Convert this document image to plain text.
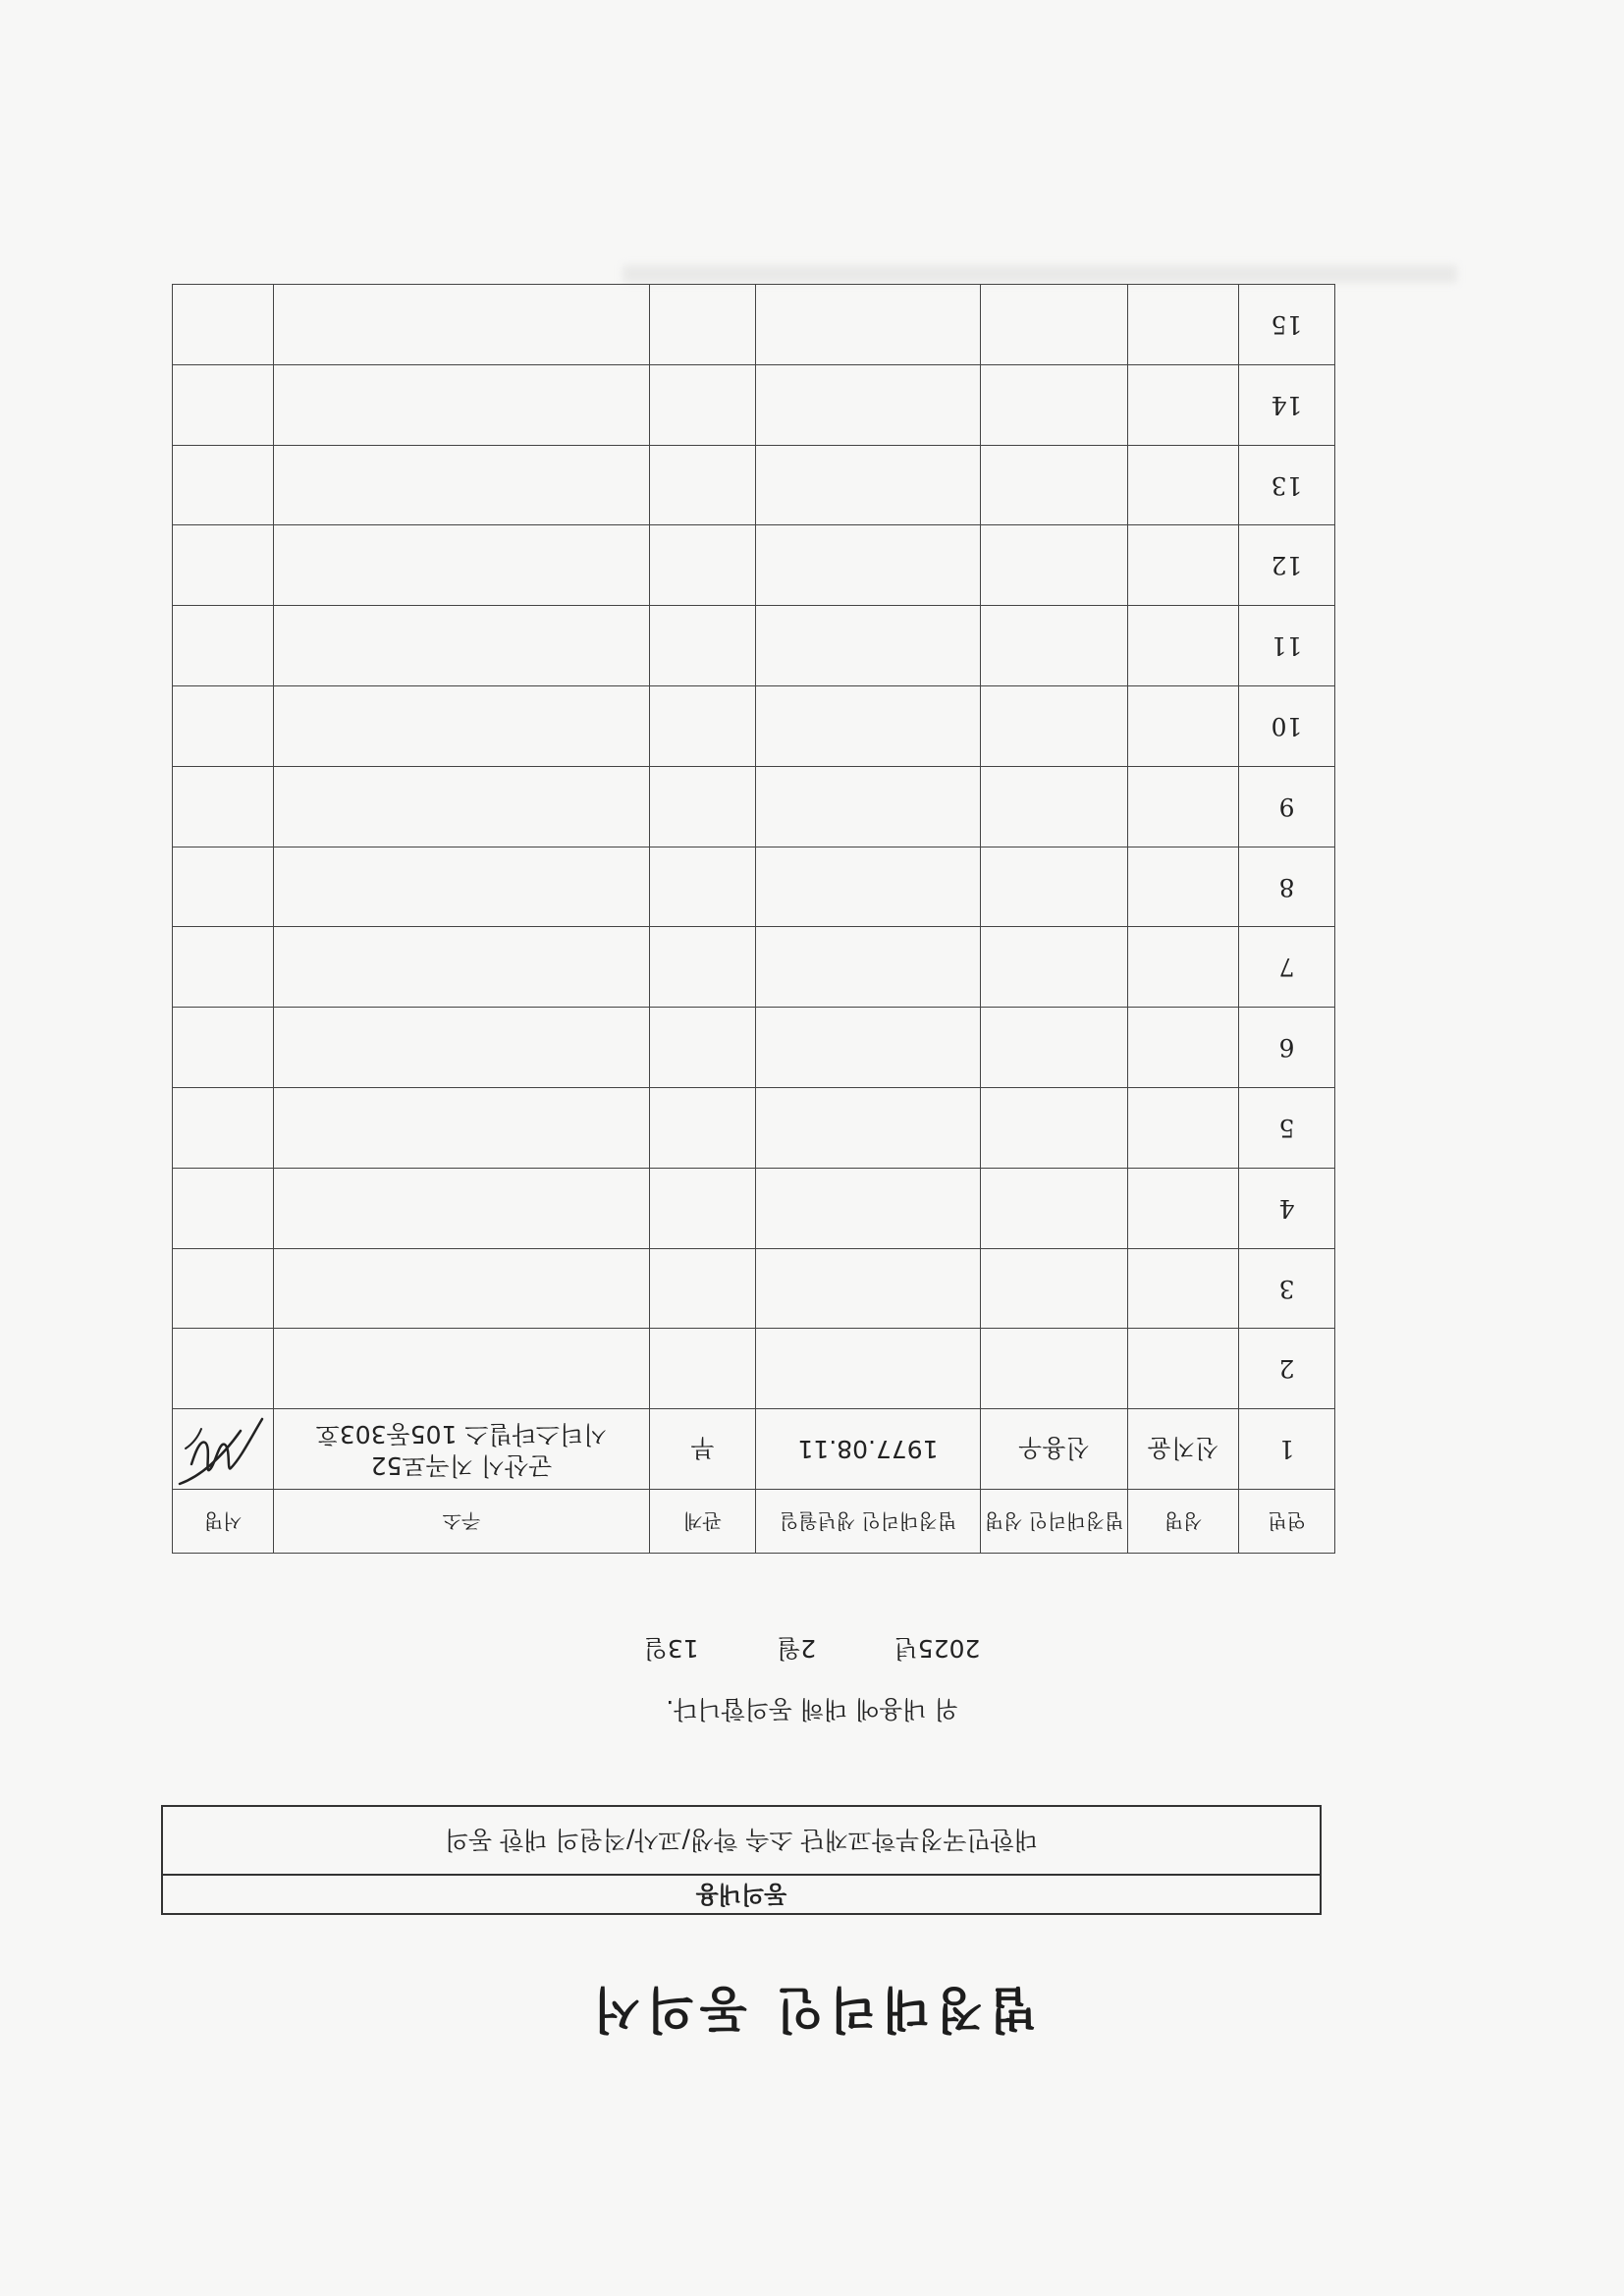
법정대리인 동의서
동의내용
대한민국정부학교재단 소속 학생/교사/직원의 대한 동의
위 내용에 대해 동의합니다.
2025년          2월          13일
연번	성명	법정대리인 성명	법정대리인 생년월일	관계	주소	서명
1	신지윤	신용우	1977.08.11	부	군산시 지곡로52
시티스타빌스 105동303호

2						
3						
4						
5						
6						
7						
8						
9						
10						
11						
12						
13						
14						
15						
